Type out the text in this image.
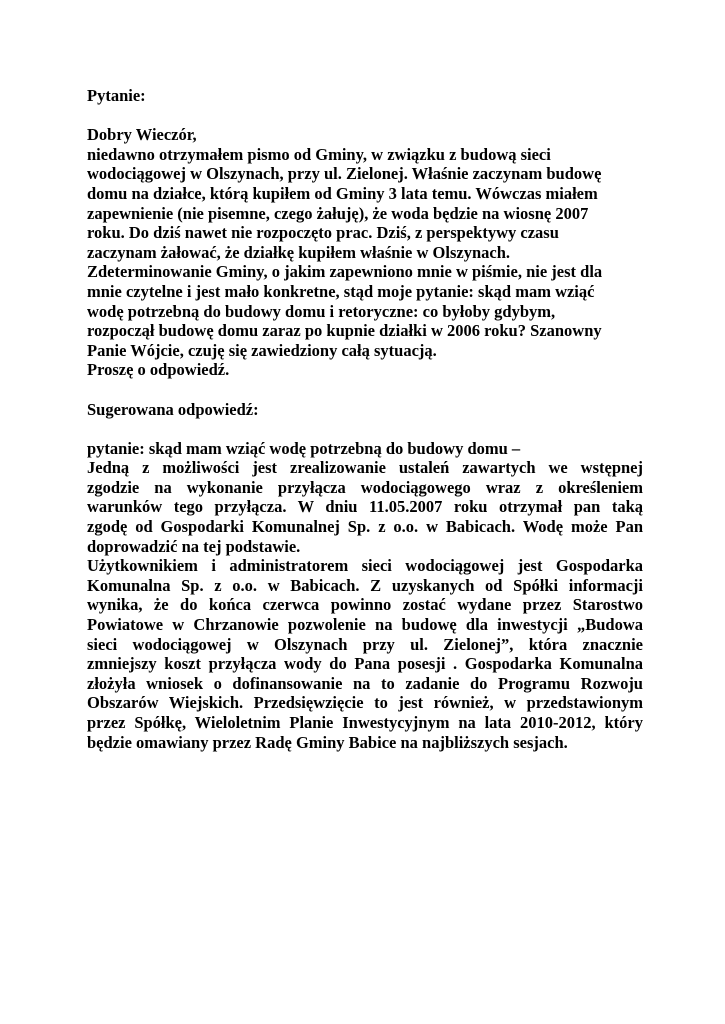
Pytanie:

Dobry Wieczór,
niedawno otrzymałem pismo od Gminy, w związku z budową sieci
wodociągowej w Olszynach, przy ul. Zielonej. Właśnie zaczynam budowę
domu na działce, którą kupiłem od Gminy 3 lata temu. Wówczas miałem
zapewnienie (nie pisemne, czego żałuję), że woda będzie na wiosnę 2007
roku. Do dziś nawet nie rozpoczęto prac. Dziś, z perspektywy czasu
zaczynam żałować, że działkę kupiłem właśnie w Olszynach.
Zdeterminowanie Gminy, o jakim zapewniono mnie w piśmie, nie jest dla
mnie czytelne i jest mało konkretne, stąd moje pytanie: skąd mam wziąć
wodę potrzebną do budowy domu i retoryczne: co byłoby gdybym,
rozpoczął budowę domu zaraz po kupnie działki w 2006 roku? Szanowny
Panie Wójcie, czuję się zawiedziony całą sytuacją.
Proszę o odpowiedź.

Sugerowana odpowiedź:

pytanie: skąd mam wziąć wodę potrzebną do budowy domu –
Jedną z możliwości jest zrealizowanie ustaleń zawartych we wstępnej
zgodzie na wykonanie przyłącza wodociągowego wraz z określeniem
warunków tego przyłącza. W dniu 11.05.2007 roku otrzymał pan taką
zgodę od Gospodarki Komunalnej Sp. z o.o. w Babicach. Wodę może Pan
doprowadzić na tej podstawie.
Użytkownikiem i administratorem sieci wodociągowej jest Gospodarka
Komunalna Sp. z o.o. w Babicach. Z uzyskanych od Spółki informacji
wynika, że do końca czerwca powinno zostać wydane przez Starostwo
Powiatowe w Chrzanowie pozwolenie na budowę dla inwestycji „Budowa
sieci wodociągowej w Olszynach przy ul. Zielonej”, która znacznie
zmniejszy koszt przyłącza wody do Pana posesji . Gospodarka Komunalna
złożyła wniosek o dofinansowanie na to zadanie do Programu Rozwoju
Obszarów Wiejskich. Przedsięwzięcie to jest również, w przedstawionym
przez Spółkę, Wieloletnim Planie Inwestycyjnym na lata 2010-2012, który
będzie omawiany przez Radę Gminy Babice na najbliższych sesjach.
